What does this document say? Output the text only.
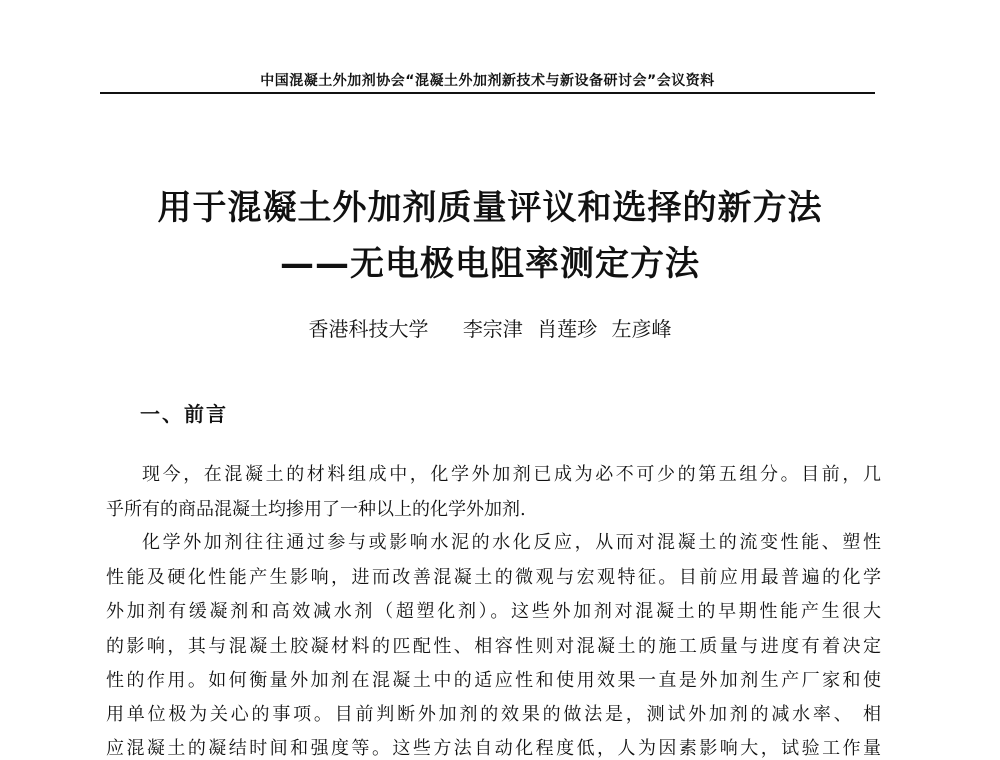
中国混凝土外加剂协会“混凝土外加剂新技术与新设备研讨会”会议资料
用于混凝土外加剂质量评议和选择的新方法
——无电极电阻率测定方法
香港科技大学 李宗津 肖莲珍 左彦峰
一、前言
现今，在混凝土的材料组成中，化学外加剂已成为必不可少的第五组分。目前，几
乎所有的商品混凝土均掺用了一种以上的化学外加剂.
化学外加剂往往通过参与或影响水泥的水化反应，从而对混凝土的流变性能、塑性
性能及硬化性能产生影响，进而改善混凝土的微观与宏观特征。目前应用最普遍的化学
外加剂有缓凝剂和高效减水剂（超塑化剂）。这些外加剂对混凝土的早期性能产生很大
的影响，其与混凝土胶凝材料的匹配性、相容性则对混凝土的施工质量与进度有着决定
性的作用。如何衡量外加剂在混凝土中的适应性和使用效果一直是外加剂生产厂家和使
用单位极为关心的事项。目前判断外加剂的效果的做法是，测试外加剂的减水率、 相
应混凝土的凝结时间和强度等。这些方法自动化程度低，人为因素影响大，试验工作量
